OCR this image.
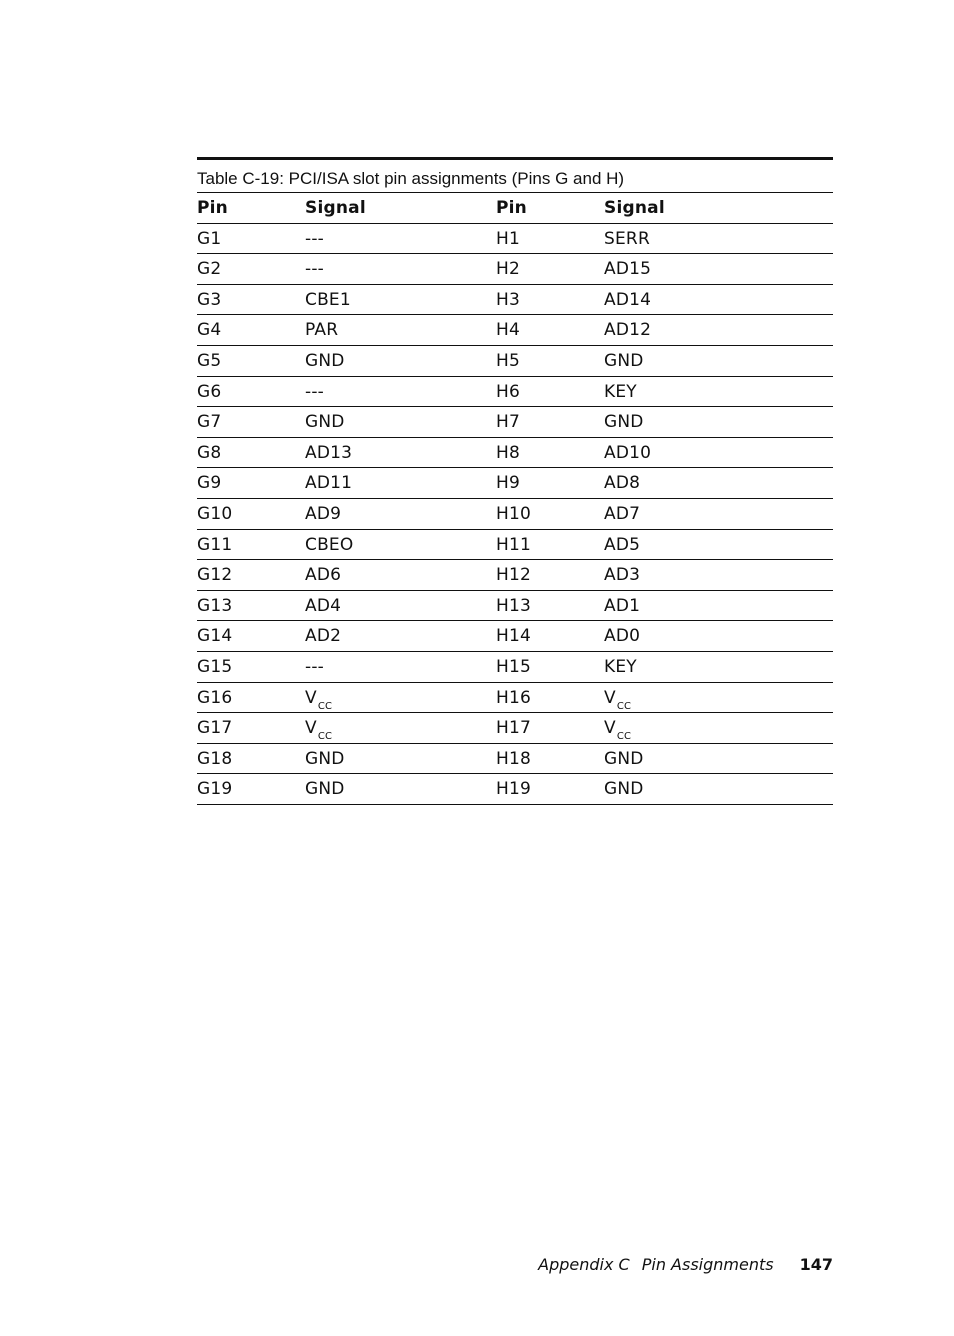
Table C-19: PCI/ISA slot pin assignments (Pins G and H)
Pin	Signal	Pin	Signal
G1	---	H1	SERR
G2	---	H2	AD15
G3	CBE1	H3	AD14
G4	PAR	H4	AD12
G5	GND	H5	GND
G6	---	H6	KEY
G7	GND	H7	GND
G8	AD13	H8	AD10
G9	AD11	H9	AD8
G10	AD9	H10	AD7
G11	CBEO	H11	AD5
G12	AD6	H12	AD3
G13	AD4	H13	AD1
G14	AD2	H14	AD0
G15	---	H15	KEY
G16	$V_{CC}$	H16	$V_{CC}$
G17	$V_{CC}$	H17	$V_{CC}$
G18	GND	H18	GND
G19	GND	H19	GND
Appendix C Pin Assignments 147
